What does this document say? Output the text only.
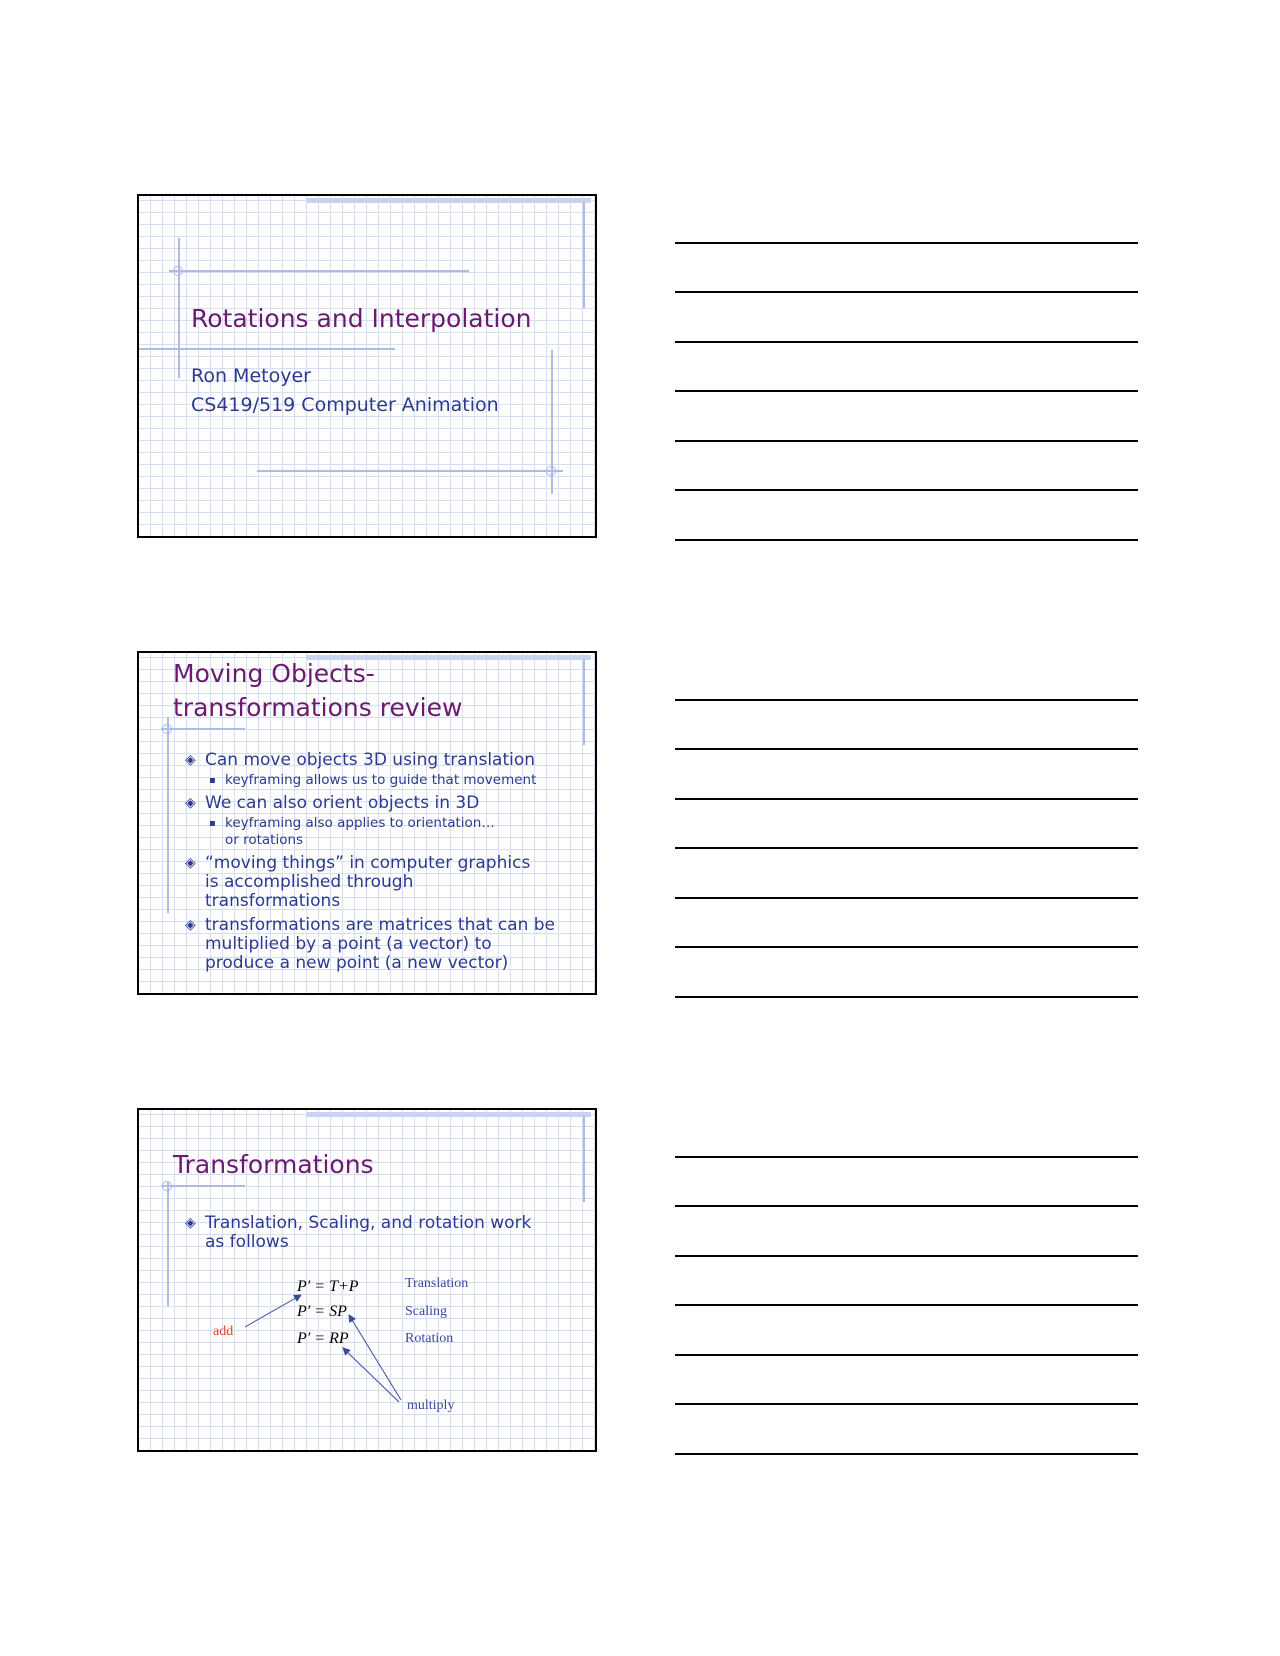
Rotations and Interpolation
Ron Metoyer
CS419/519 Computer Animation
Moving Objects-
transformations review
◈ Can move objects 3D using translation
▪ keyframing allows us to guide that movement
◈ We can also orient objects in 3D
▪ keyframing also applies to orientation…or rotations
◈ “moving things” in computer graphics is accomplished through transformations
◈ transformations are matrices that can be multiplied by a point (a vector) to produce a new point (a new vector)
Transformations
◈ Translation, Scaling, and rotation work as follows
P′ = T+P
P′ = SP
P′ = RP
Translation
Scaling
Rotation
add
multiply
